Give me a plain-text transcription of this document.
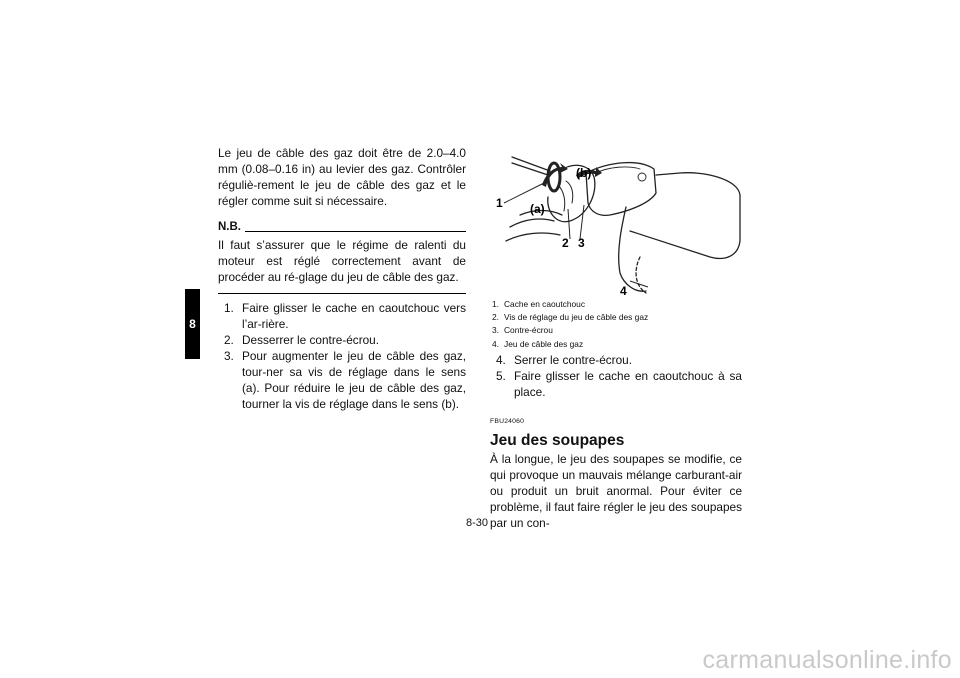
8

Le jeu de câble des gaz doit être de 2.0–4.0 mm (0.08–0.16 in) au levier des gaz. Contrôler réguliè-rement le jeu de câble des gaz et le régler comme suit si nécessaire.

N.B.

Il faut s’assurer que le régime de ralenti du moteur est réglé correctement avant de procéder au ré-glage du jeu de câble des gaz.

1. Faire glisser le cache en caoutchouc vers l’ar-rière.
2. Desserrer le contre-écrou.
3. Pour augmenter le jeu de câble des gaz, tour-ner sa vis de réglage dans le sens (a). Pour réduire le jeu de câble des gaz, tourner la vis de réglage dans le sens (b).
1 (a)
(b)
2 3
4
1. Cache en caoutchouc
2. Vis de réglage du jeu de câble des gaz
3. Contre-écrou
4. Jeu de câble des gaz
4. Serrer le contre-écrou.
5. Faire glisser le cache en caoutchouc à sa place.
FBU24060
Jeu des soupapes

À la longue, le jeu des soupapes se modifie, ce qui provoque un mauvais mélange carburant-air ou produit un bruit anormal. Pour éviter ce problème, il faut faire régler le jeu des soupapes par un con-

8-30
carmanualsonline.info
